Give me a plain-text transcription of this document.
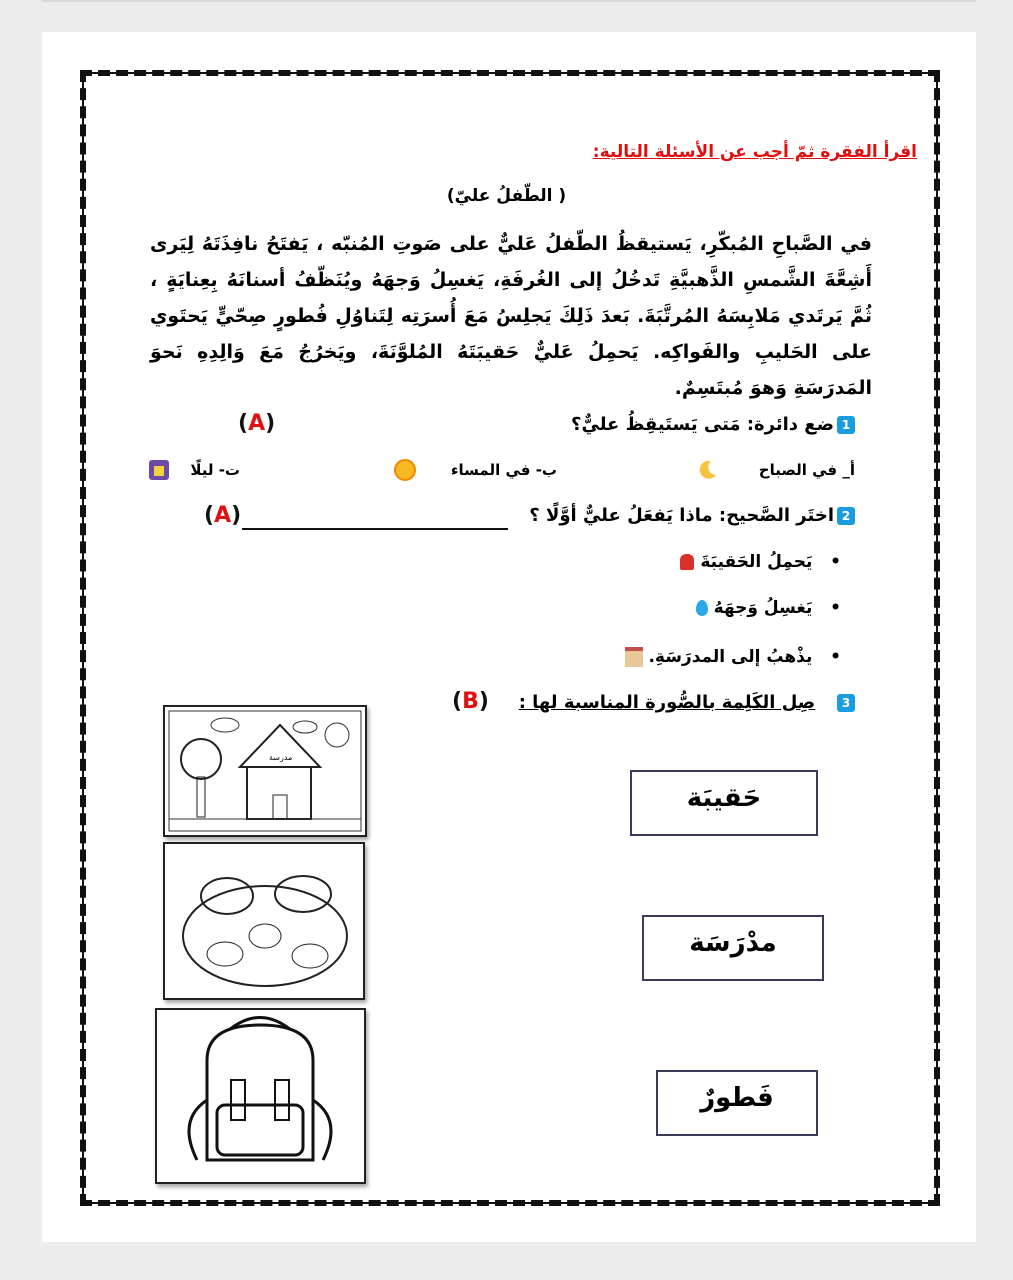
اقرأ الفقرة ثمّ أجب عن الأسئلة التالية:
( الطّفلُ عليّ)
في الصَّباحِ المُبكّرِ، يَستيقظُ الطّفلُ عَليٌّ على صَوتِ المُنبّه ، يَفتَحُ نافِذَتَهُ لِيَرى أَشِعَّةَ الشَّمسِ الذَّهبيَّةِ تَدخُلُ إلى الغُرفَةِ، يَغسِلُ وَجهَهُ ويُنَظّفُ أسنانَهُ بِعِنايَةٍ ، ثُمَّ يَرتَدي مَلابِسَهُ المُرتَّبَةَ. بَعدَ ذَلِكَ يَجلِسُ مَعَ أُسرَتِه لِتَناوُلِ فُطورٍ صِحّيٍّ يَحتَوي على الحَليبِ والفَواكِه. يَحمِلُ عَليٌّ حَقيبَتَهُ المُلوَّنَةَ، ويَخرُجُ مَعَ وَالِدِهِ نَحوَ المَدرَسَةِ وَهوَ مُبتَسِمٌ.
1ضع دائرة: مَتى يَستَيقِظُ عليٌّ؟
(A)
أ_ في الصباح
ب- في المساء
ت- ليلًا
2اختَر الصَّحيح: ماذا يَفعَلُ عليٌّ أوَّلًا ؟
(A)
•   يَحمِلُ الحَقيبَةَ
•   يَغسِلُ وَجهَهُ
•   يذْهبُ إلى المدرَسَةِ.
3   صِل الكَلِمة بالصُّورة المناسبة لها :
(B)
مدرسة
حَقيبَة
مدْرَسَة
فَطورٌ
